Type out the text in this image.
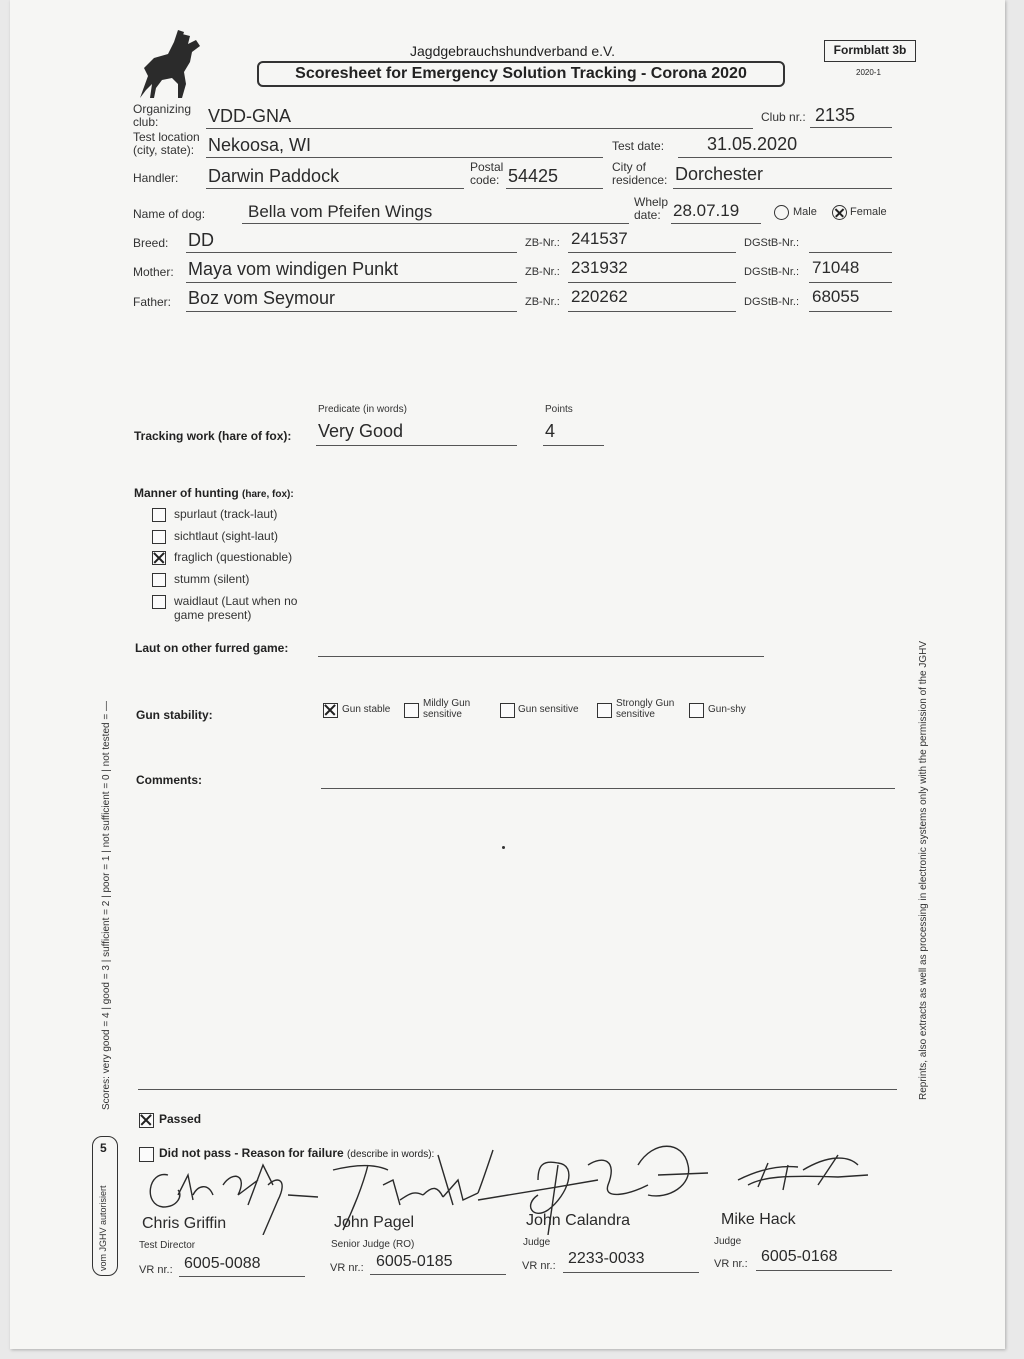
Jagdgebrauchshundverband e.V.
Scoresheet for Emergency Solution Tracking - Corona 2020
Formblatt 3b
2020-1
Organizing club:	VDD-GNA	Club nr.: 2135
Test location (city, state): Nekoosa, WI	Test date: 31.05.2020
Handler: Darwin Paddock	Postal code: 54425	City of residence: Dorchester
Name of dog:	Bella vom Pfeifen Wings	Whelp date: 28.07.19	Male	Female
Breed: DD	ZB-Nr.: 241537	DGStB-Nr.:
Mother: Maya vom windigen Punkt	ZB-Nr.: 231932	DGStB-Nr.: 71048
Father: Boz vom Seymour	ZB-Nr.: 220262	DGStB-Nr.: 68055
Predicate (in words)	Points
Tracking work (hare of fox): Very Good	4
Manner of hunting (hare, fox):
spurlaut (track-laut)
sichtlaut (sight-laut)
fraglich (questionable)
stumm (silent)
waidlaut (Laut when no game present)
Laut on other furred game:
Gun stability:	Gun stable
Mildly Gun sensitive	Gun sensitive
Strongly Gun sensitive	Gun-shy
Comments:
Scores: very good = 4 | good = 3 | sufficient = 2 | poor = 1 | not sufficient = 0 | not tested = —	Reprints, also extracts as well as processing in electronic systems only with the permission of the JGHV
vom JGHV autorisiert
5
Passed
Did not pass - Reason for failure (describe in words):
Chris Griffin
Test Director
VR nr.: 6005-0088
John Pagel
Senior Judge (RO)
VR nr.: 6005-0185
John Calandra
Judge
VR nr.: 2233-0033
Mike Hack
Judge
VR nr.: 6005-0168
